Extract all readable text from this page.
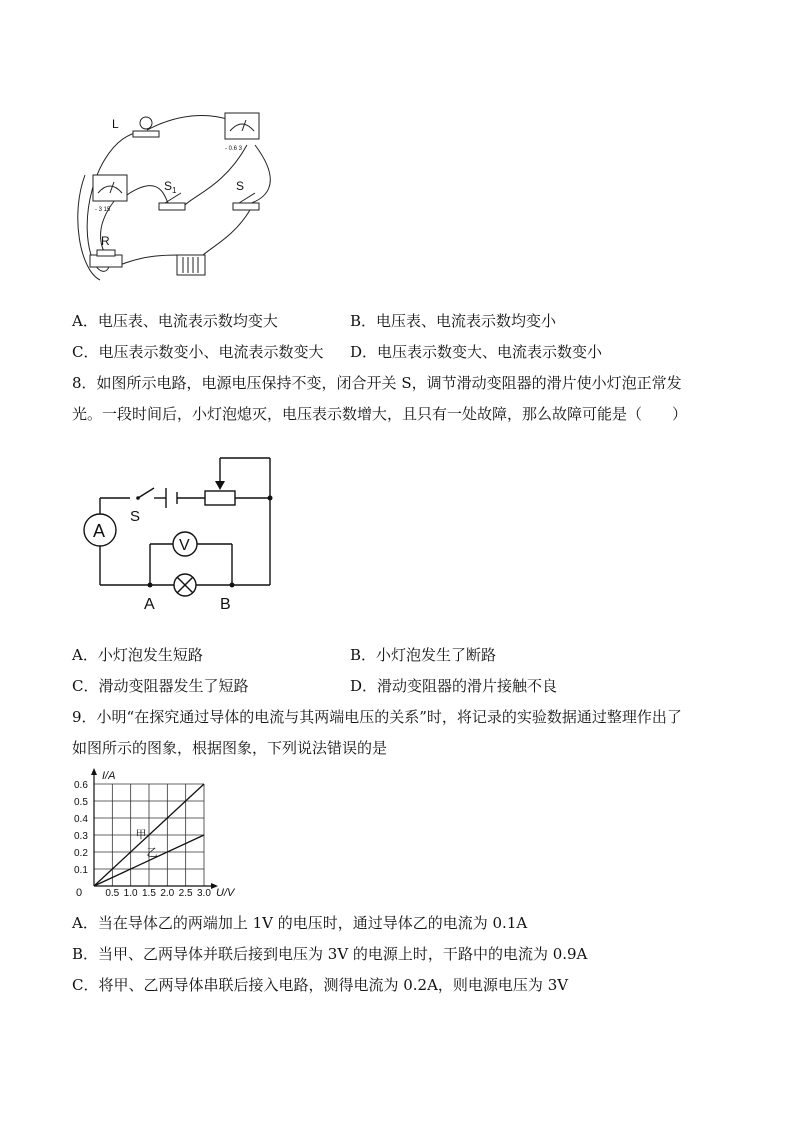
L
- 0.6 3
- 3 15
S 1	S
R
A．电压表、电流表示数均变大	B．电压表、电流表示数均变小
C．电压表示数变小、电流表示数变大 D．电压表示数变大、电流表示数变小
8．如图所示电路，电源电压保持不变，闭合开关 S，调节滑动变阻器的滑片使小灯泡正常发
光。一段时间后，小灯泡熄灭，电压表示数增大，且只有一处故障，那么故障可能是（　　）
A
V
S
A	B
A．小灯泡发生短路	B．小灯泡发生了断路
C．滑动变阻器发生了短路	D．滑动变阻器的滑片接触不良
9．小明“在探究通过导体的电流与其两端电压的关系”时，将记录的实验数据通过整理作出了
如图所示的图象，根据图象，下列说法错误的是
0.5 1.0 1.5 2.0 2.5 3.0
0.6
0.5
0.4
0.3
0.2
0.1
甲
乙
0
I/A
U/V
A．当在导体乙的两端加上 1V 的电压时，通过导体乙的电流为 0.1A
B．当甲、乙两导体并联后接到电压为 3V 的电源上时，干路中的电流为 0.9A
C．将甲、乙两导体串联后接入电路，测得电流为 0.2A，则电源电压为 3V
